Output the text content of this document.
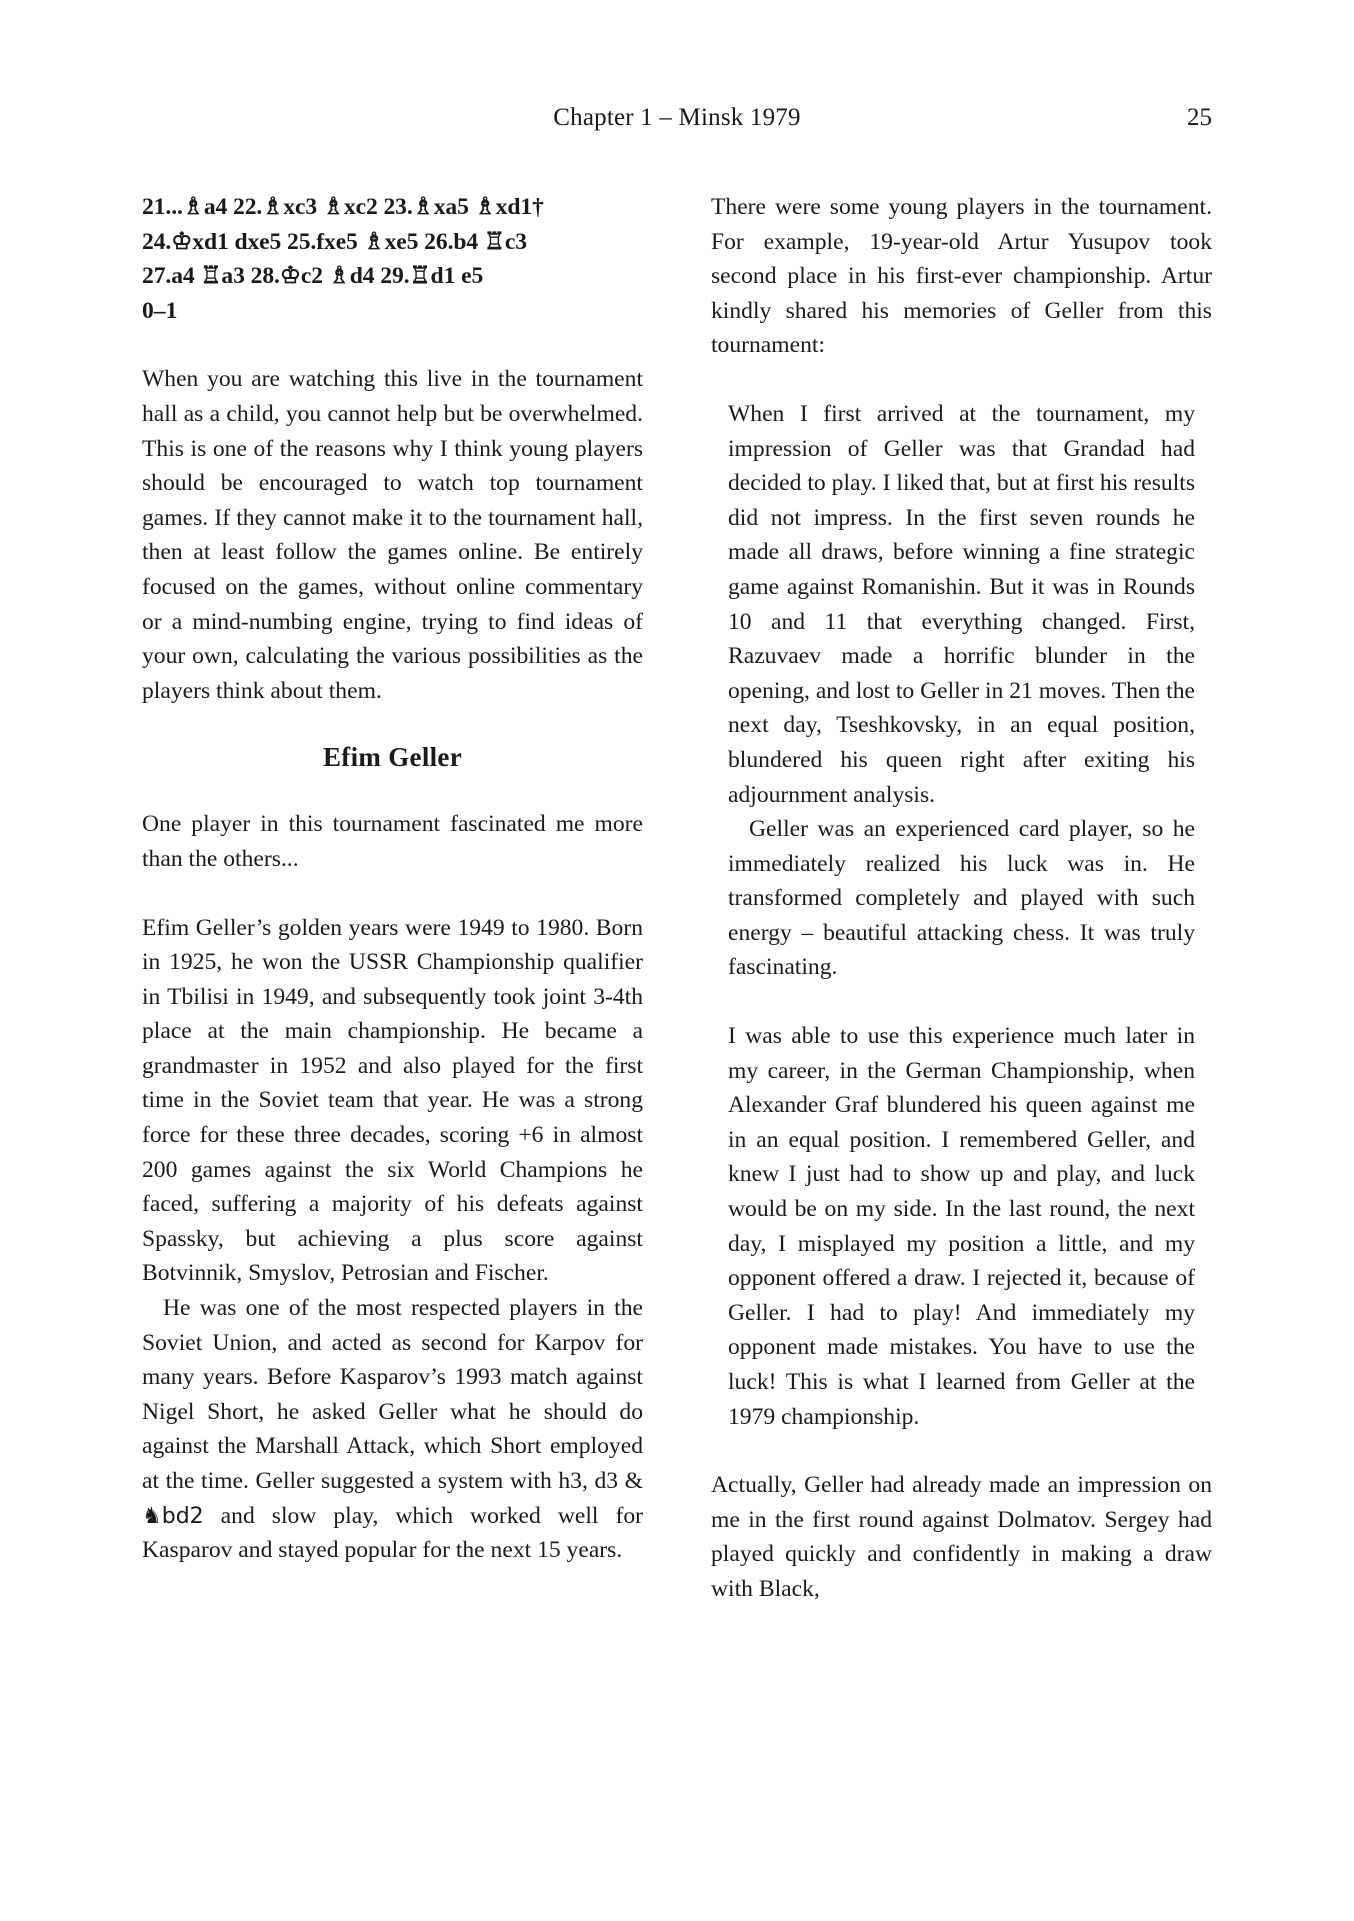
Chapter 1 – Minsk 1979	25
21...♗a4 22.♗xc3 ♗xc2 23.♗xa5 ♗xd1†
24.♔xd1 dxe5 25.fxe5 ♗xe5 26.b4 ♖c3
27.a4 ♖a3 28.♔c2 ♗d4 29.♖d1 e5
0–1

When you are watching this live in the tournament hall as a child, you cannot help but be overwhelmed. This is one of the reasons why I think young players should be encouraged to watch top tournament games. If they cannot make it to the tournament hall, then at least follow the games online. Be entirely focused on the games, without online commentary or a mind-numbing engine, trying to find ideas of your own, calculating the various possibilities as the players think about them.

Efim Geller

One player in this tournament fascinated me more than the others...

Efim Geller’s golden years were 1949 to 1980. Born in 1925, he won the USSR Championship qualifier in Tbilisi in 1949, and subsequently took joint 3-4th place at the main championship. He became a grandmaster in 1952 and also played for the first time in the Soviet team that year. He was a strong force for these three decades, scoring +6 in almost 200 games against the six World Champions he faced, suffering a majority of his defeats against Spassky, but achieving a plus score against Botvinnik, Smyslov, Petrosian and Fischer.

He was one of the most respected players in the Soviet Union, and acted as second for Karpov for many years. Before Kasparov’s 1993 match against Nigel Short, he asked Geller what he should do against the Marshall Attack, which Short employed at the time. Geller suggested a system with h3, d3 & ♞bd2 and slow play, which worked well for Kasparov and stayed popular for the next 15 years.

There were some young players in the tournament. For example, 19-year-old Artur Yusupov took second place in his first-ever championship. Artur kindly shared his memories of Geller from this tournament:

When I first arrived at the tournament, my impression of Geller was that Grandad had decided to play. I liked that, but at first his results did not impress. In the first seven rounds he made all draws, before winning a fine strategic game against Romanishin. But it was in Rounds 10 and 11 that everything changed. First, Razuvaev made a horrific blunder in the opening, and lost to Geller in 21 moves. Then the next day, Tseshkovsky, in an equal position, blundered his queen right after exiting his adjournment analysis.

Geller was an experienced card player, so he immediately realized his luck was in. He transformed completely and played with such energy – beautiful attacking chess. It was truly fascinating.

I was able to use this experience much later in my career, in the German Championship, when Alexander Graf blundered his queen against me in an equal position. I remembered Geller, and knew I just had to show up and play, and luck would be on my side. In the last round, the next day, I misplayed my position a little, and my opponent offered a draw. I rejected it, because of Geller. I had to play! And immediately my opponent made mistakes. You have to use the luck! This is what I learned from Geller at the 1979 championship.

Actually, Geller had already made an impression on me in the first round against Dolmatov. Sergey had played quickly and confidently in making a draw with Black,
